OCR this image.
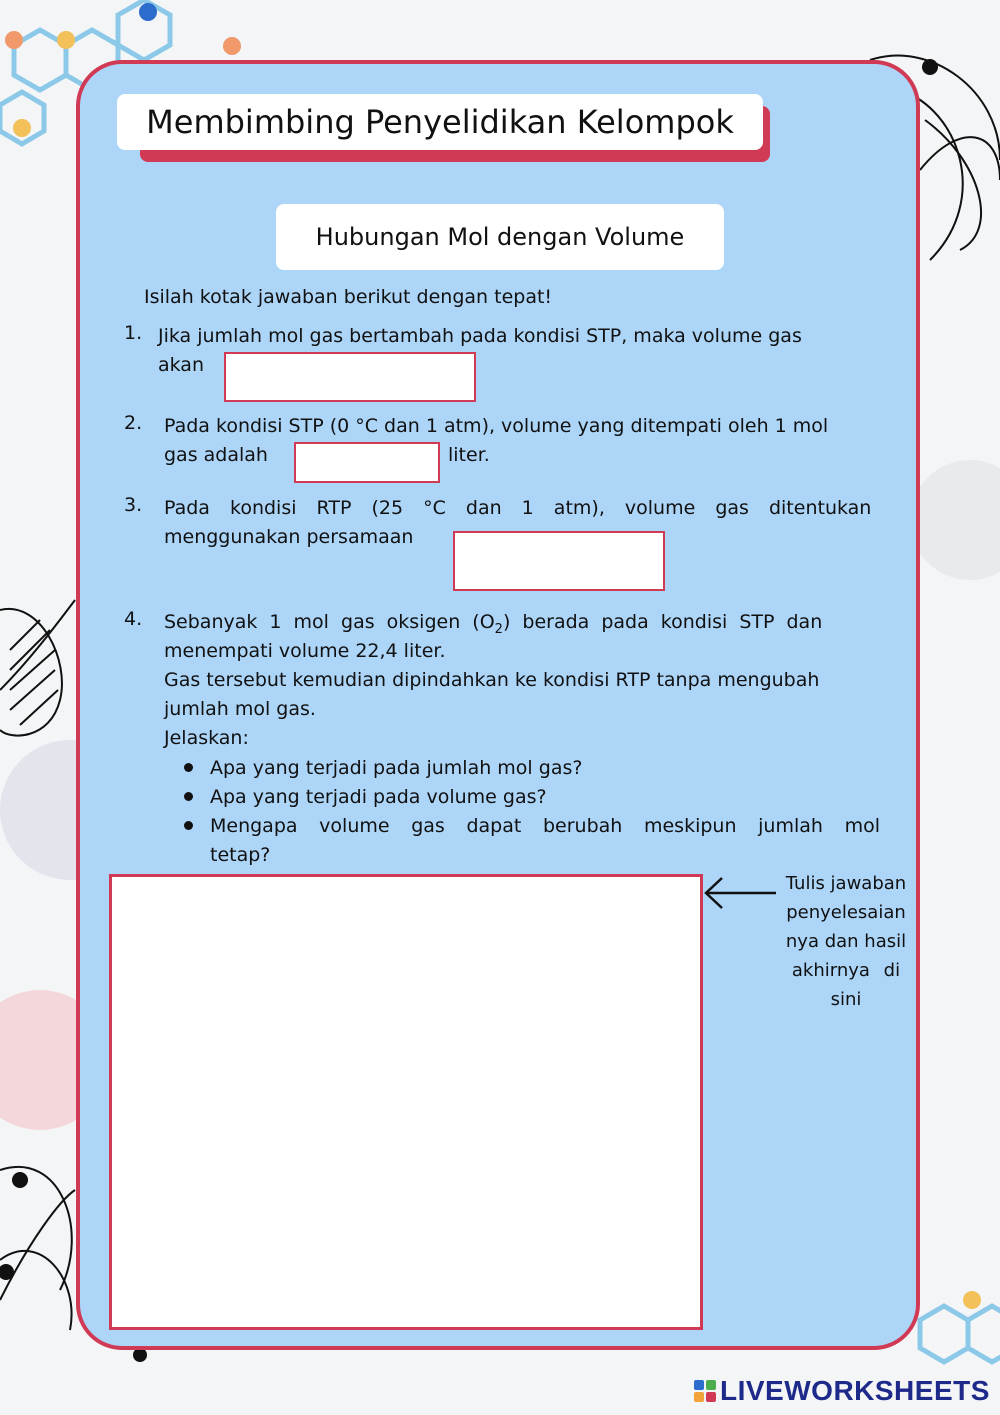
Membimbing Penyelidikan Kelompok
Hubungan Mol dengan Volume
Isilah kotak jawaban berikut dengan tepat!
1. Jika jumlah mol gas bertambah pada kondisi STP, maka volume gas
akan
2. Pada kondisi STP (0 °C dan 1 atm), volume yang ditempati oleh 1 mol
gas adalah	liter.
3. Pada kondisi RTP (25 °C dan 1 atm), volume gas ditentukan
menggunakan persamaan
4. Sebanyak 1 mol gas oksigen $(O_2)$ berada pada kondisi STP dan
menempati volume 22,4 liter.
Gas tersebut kemudian dipindahkan ke kondisi RTP tanpa mengubah
jumlah mol gas.
Jelaskan:
Apa yang terjadi pada jumlah mol gas?
Apa yang terjadi pada volume gas?
Mengapa volume gas dapat berubah meskipun jumlah mol tetap?
Tulis jawaban
penyelesaian
nya dan hasil
akhirnya di
sini
LIVEWORKSHEETS
